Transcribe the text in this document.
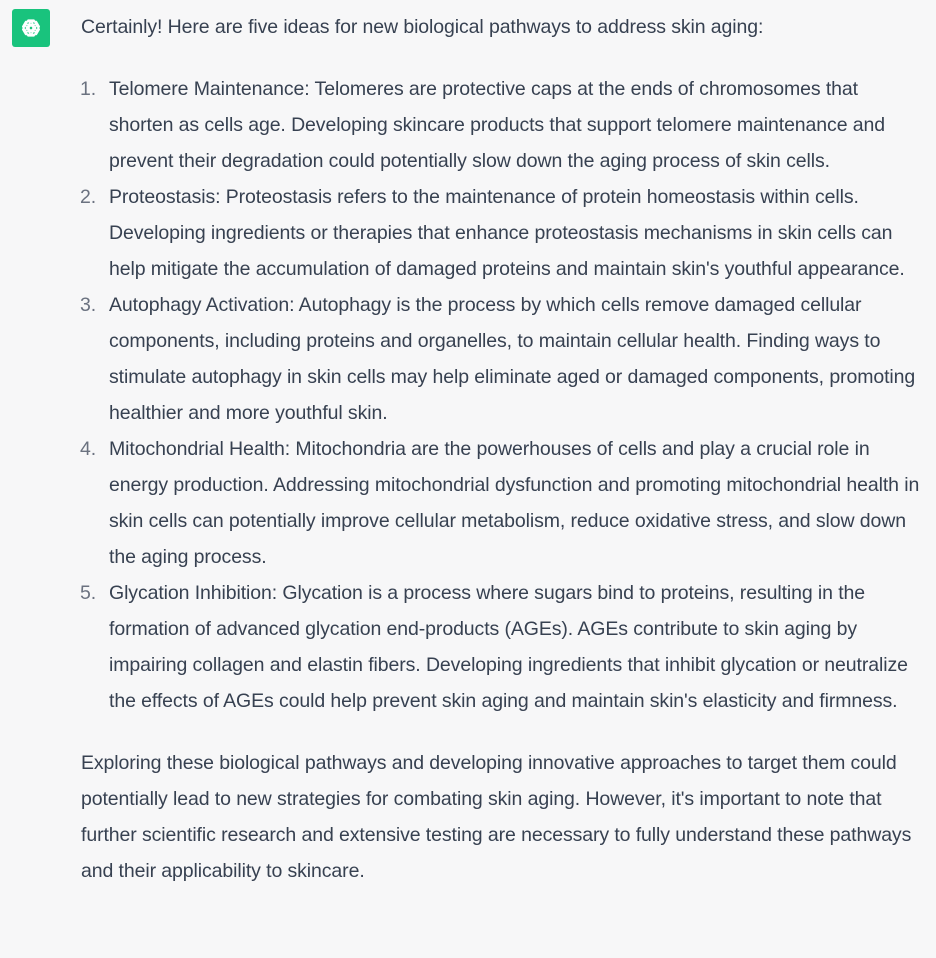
Certainly! Here are five ideas for new biological pathways to address skin aging:

1. Telomere Maintenance: Telomeres are protective caps at the ends of chromosomes that shorten as cells age. Developing skincare products that support telomere maintenance and prevent their degradation could potentially slow down the aging process of skin cells.
2. Proteostasis: Proteostasis refers to the maintenance of protein homeostasis within cells. Developing ingredients or therapies that enhance proteostasis mechanisms in skin cells can help mitigate the accumulation of damaged proteins and maintain skin's youthful appearance.
3. Autophagy Activation: Autophagy is the process by which cells remove damaged cellular components, including proteins and organelles, to maintain cellular health. Finding ways to stimulate autophagy in skin cells may help eliminate aged or damaged components, promoting healthier and more youthful skin.
4. Mitochondrial Health: Mitochondria are the powerhouses of cells and play a crucial role in energy production. Addressing mitochondrial dysfunction and promoting mitochondrial health in skin cells can potentially improve cellular metabolism, reduce oxidative stress, and slow down the aging process.
5. Glycation Inhibition: Glycation is a process where sugars bind to proteins, resulting in the formation of advanced glycation end-products (AGEs). AGEs contribute to skin aging by impairing collagen and elastin fibers. Developing ingredients that inhibit glycation or neutralize the effects of AGEs could help prevent skin aging and maintain skin's elasticity and firmness.

Exploring these biological pathways and developing innovative approaches to target them could potentially lead to new strategies for combating skin aging. However, it's important to note that further scientific research and extensive testing are necessary to fully understand these pathways and their applicability to skincare.
